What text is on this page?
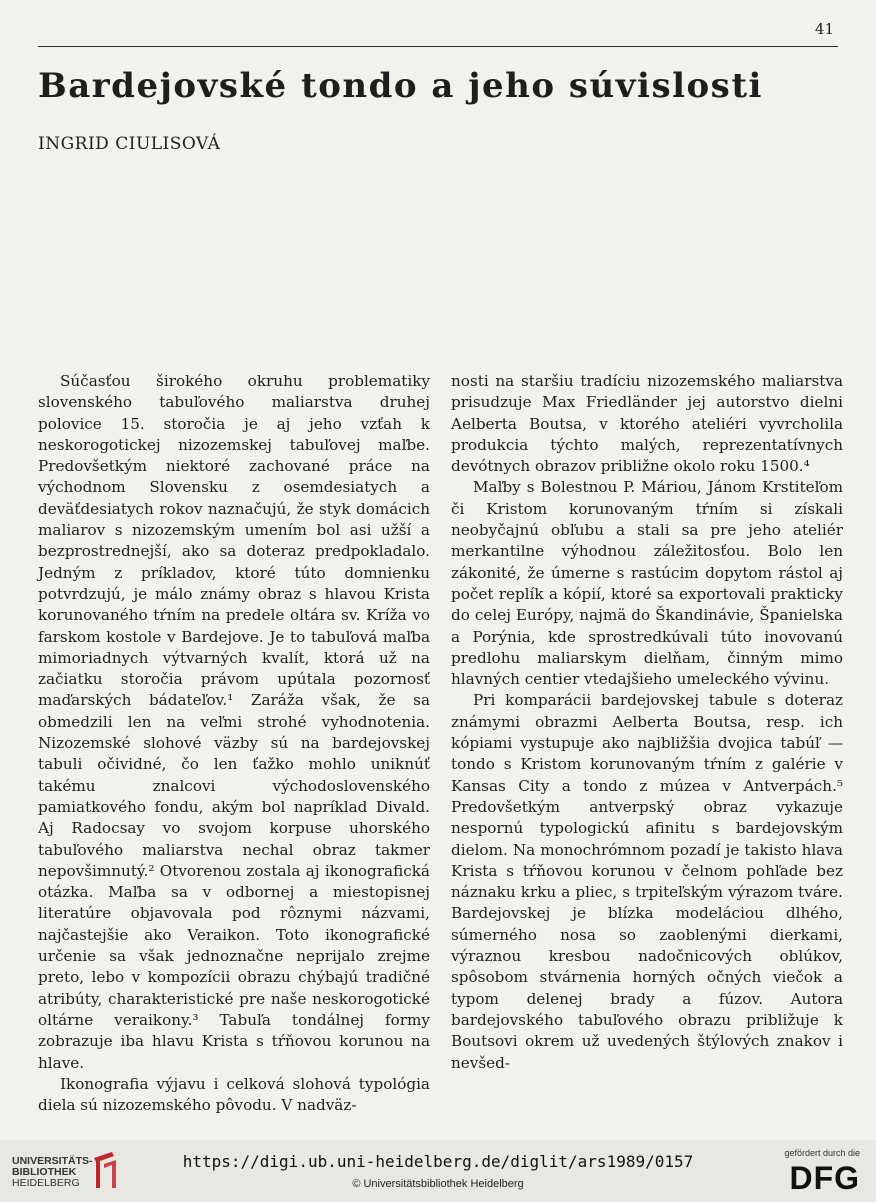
41
Bardejovské tondo a jeho súvislosti
INGRID CIULISOVÁ

Súčasťou širokého okruhu problematiky slovenského tabuľového maliarstva druhej polovice 15. storočia je aj jeho vzťah k neskorogotickej nizozemskej tabuľovej maľbe. Predovšetkým niektoré zachované práce na východnom Slovensku z osemdesiatych a deväťdesiatych rokov naznačujú, že styk domácich maliarov s nizozemským umením bol asi užší a bezprostrednejší, ako sa doteraz predpokladalo. Jedným z príkladov, ktoré túto domnienku potvrdzujú, je málo známy obraz s hlavou Krista korunovaného tŕním na predele oltára sv. Kríža vo farskom kostole v Bardejove. Je to tabuľová maľba mimoriadnych výtvarných kvalít, ktorá už na začiatku storočia právom upútala pozornosť maďarských bádateľov.¹ Zaráža však, že sa obmedzili len na veľmi strohé vyhodnotenia. Nizozemské slohové väzby sú na bardejovskej tabuli očividné, čo len ťažko mohlo uniknúť takému znalcovi východoslovenského pamiatkového fondu, akým bol napríklad Divald. Aj Radocsay vo svojom korpuse uhorského tabuľového maliarstva nechal obraz takmer nepovšimnutý.² Otvorenou zostala aj ikonografická otázka. Maľba sa v odbornej a miestopisnej literatúre objavovala pod rôznymi názvami, najčastejšie ako Veraikon. Toto ikonografické určenie sa však jednoznačne neprijalo zrejme preto, lebo v kompozícii obrazu chýbajú tradičné atribúty, charakteristické pre naše neskorogotické oltárne veraikony.³ Tabuľa tondálnej formy zobrazuje iba hlavu Krista s tŕňovou korunou na hlave.

Ikonografia výjavu i celková slohová typológia diela sú nizozemského pôvodu. V nadväz-

nosti na staršiu tradíciu nizozemského maliarstva prisudzuje Max Friedländer jej autorstvo dielni Aelberta Boutsa, v ktorého ateliéri vyvrcholila produkcia týchto malých, reprezentatívnych devótnych obrazov približne okolo roku 1500.⁴

Maľby s Bolestnou P. Máriou, Jánom Krstiteľom či Kristom korunovaným tŕním si získali neobyčajnú obľubu a stali sa pre jeho ateliér merkantilne výhodnou záležitosťou. Bolo len zákonité, že úmerne s rastúcim dopytom rástol aj počet replík a kópií, ktoré sa exportovali prakticky do celej Európy, najmä do Škandinávie, Španielska a Porýnia, kde sprostredkúvali túto inovovanú predlohu maliarskym dielňam, činným mimo hlavných centier vtedajšieho umeleckého vývinu.

Pri komparácii bardejovskej tabule s doteraz známymi obrazmi Aelberta Boutsa, resp. ich kópiami vystupuje ako najbližšia dvojica tabúľ — tondo s Kristom korunovaným tŕním z galérie v Kansas City a tondo z múzea v Antverpách.⁵ Predovšetkým antverpský obraz vykazuje nespornú typologickú afinitu s bardejovským dielom. Na monochrómnom pozadí je takisto hlava Krista s tŕňovou korunou v čelnom pohľade bez náznaku krku a pliec, s trpiteľským výrazom tváre. Bardejovskej je blízka modeláciou dlhého, súmerného nosa so zaoblenými dierkami, výraznou kresbou nadočnicových oblúkov, spôsobom stvárnenia horných očných viečok a typom delenej brady a fúzov. Autora bardejovského tabuľového obrazu približuje k Boutsovi okrem už uvedených štýlových znakov i nevšed-

UNIVERSITÄTS-
BIBLIOTHEK
HEIDELBERG
https://digi.ub.uni-heidelberg.de/diglit/ars1989/0157
© Universitätsbibliothek Heidelberg
gefördert durch die
DFG
